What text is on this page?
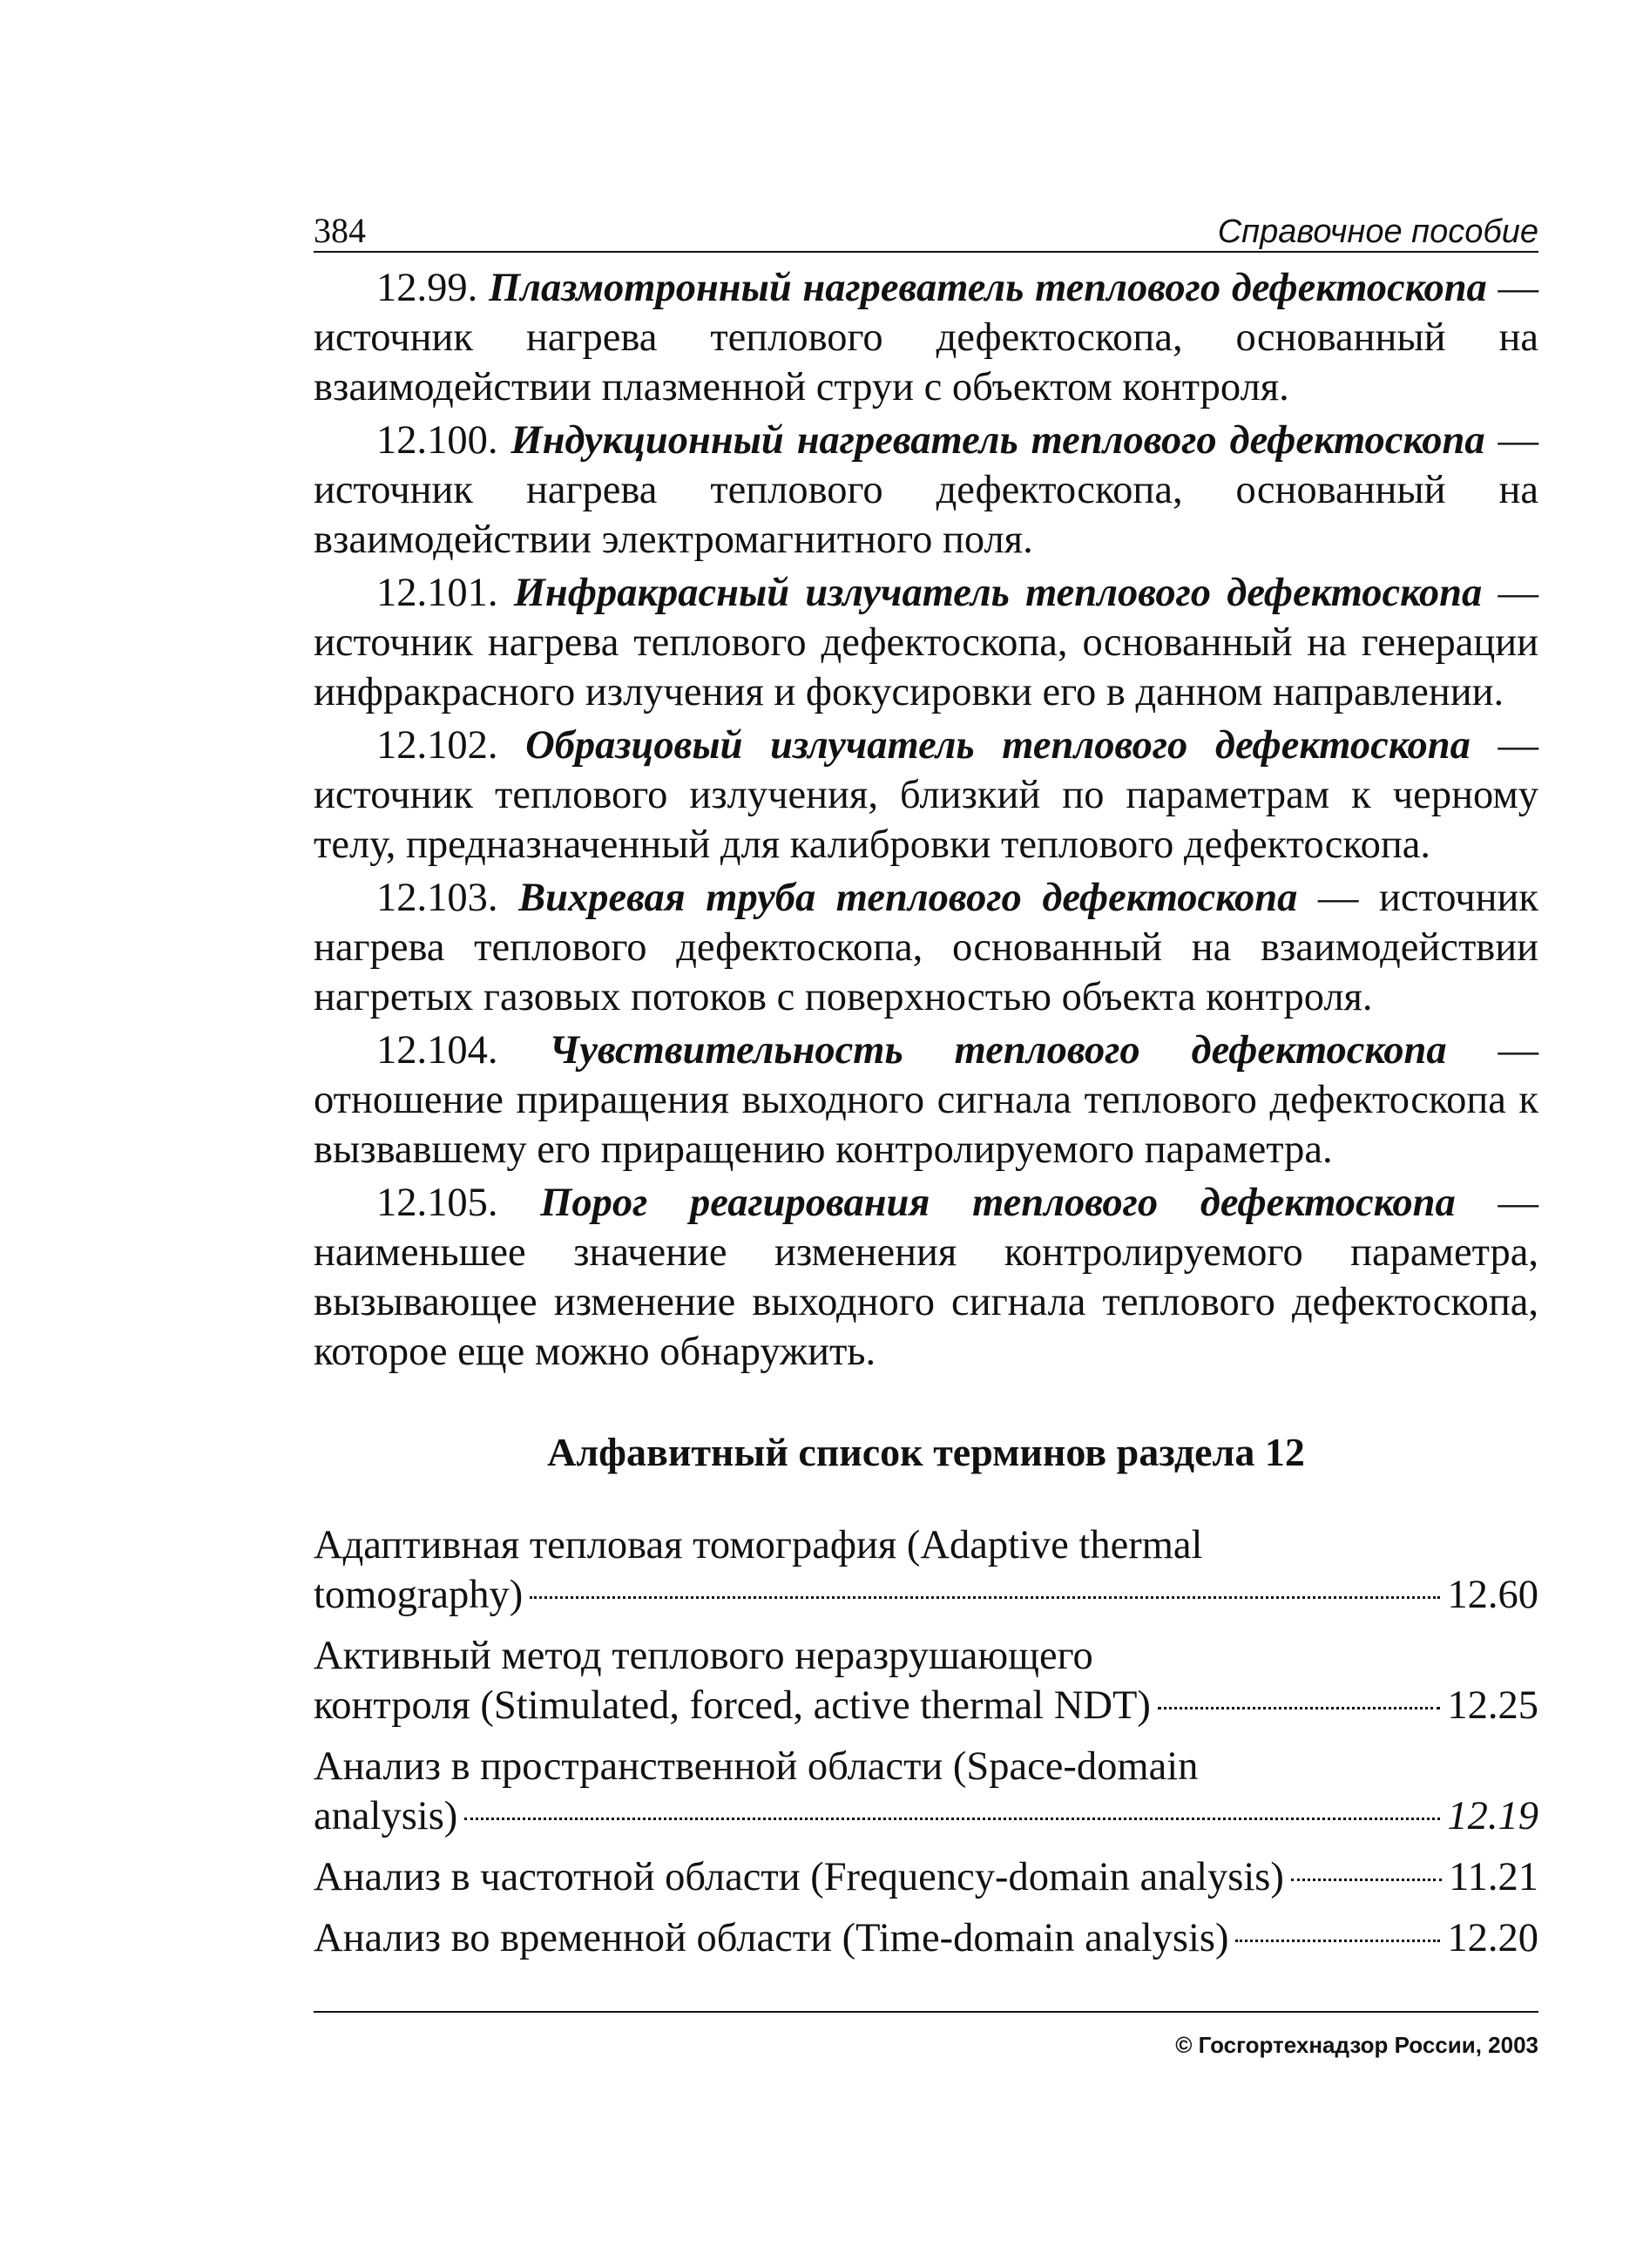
384	Справочное пособие

12.99. Плазмотронный нагреватель теплового дефектоскопа — источник нагрева теплового дефектоскопа, основанный на взаимодействии плазменной струи с объектом контроля.

12.100. Индукционный нагреватель теплового дефектоскопа — источник нагрева теплового дефектоскопа, основанный на взаимодействии электромагнитного поля.

12.101. Инфракрасный излучатель теплового дефектоскопа — источник нагрева теплового дефектоскопа, основанный на генерации инфракрасного излучения и фокусировки его в данном направлении.

12.102. Образцовый излучатель теплового дефектоскопа — источник теплового излучения, близкий по параметрам к черному телу, предназначенный для калибровки теплового дефектоскопа.

12.103. Вихревая труба теплового дефектоскопа — источник нагрева теплового дефектоскопа, основанный на взаимодействии нагретых газовых потоков с поверхностью объекта контроля.

12.104. Чувствительность теплового дефектоскопа — отношение приращения выходного сигнала теплового дефектоскопа к вызвавшему его приращению контролируемого параметра.

12.105. Порог реагирования теплового дефектоскопа — наименьшее значение изменения контролируемого параметра, вызывающее изменение выходного сигнала теплового дефектоскопа, которое еще можно обнаружить.

Алфавитный список терминов раздела 12
Адаптивная тепловая томография (Adaptive thermal
tomography)	12.60
Активный метод теплового неразрушающего
контроля (Stimulated, forced, active thermal NDT)	12.25
Анализ в пространственной области (Space-domain
analysis)	12.19
Анализ в частотной области (Frequency-domain analysis)	11.21
Анализ во временной области (Time-domain analysis)	12.20
© Госгортехнадзор России, 2003
